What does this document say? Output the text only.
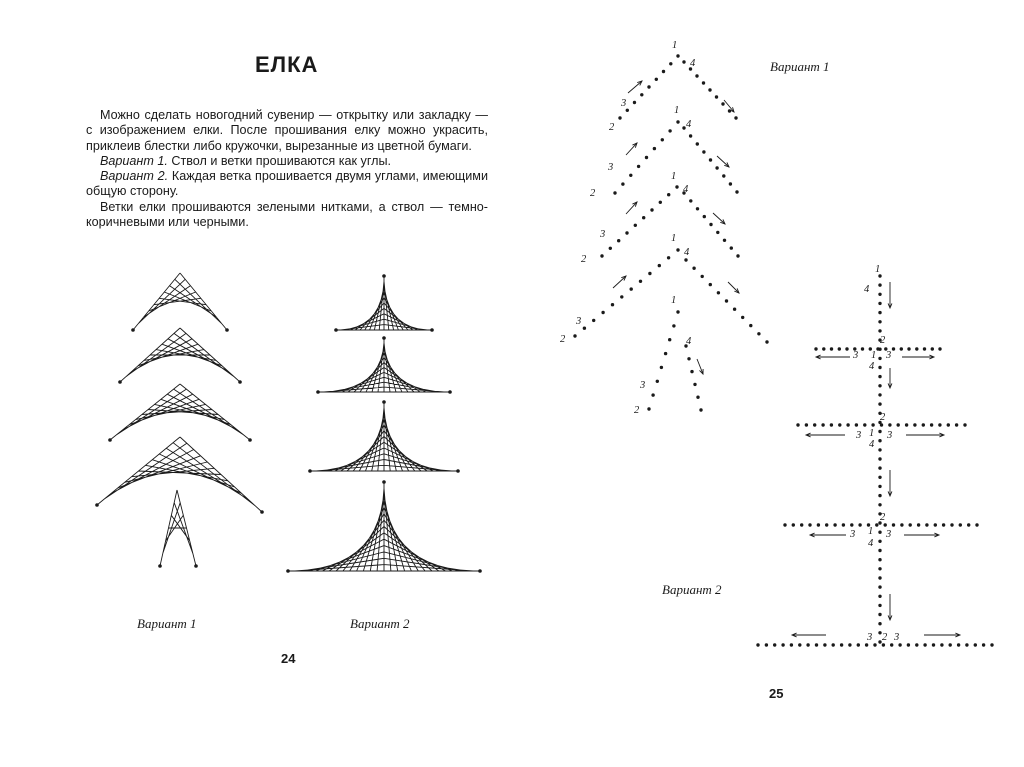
ЕЛКА

Можно сделать новогодний сувенир — открытку или закладку — с изображением елки. После прошивания елку можно украсить, приклеив блестки либо кружочки, вырезанные из цветной бумаги.

Вариант 1. Ствол и ветки прошиваются как углы.

Вариант 2. Каждая ветка прошивается двумя углами, имеющими общую сторону.

Ветки елки прошиваются зелеными нитками, а ствол — темно-коричневыми или черными.

Вариант 1	Вариант 2
24
1
4
3
2
1
4
3
2
1
4
3
2
1
4
3
2
1
4
3
2
1
4
2
3 1 3
4
2
3 1 3
4
2
3 1 3
4
3 2 3
Вариант 1
Вариант 2
25
